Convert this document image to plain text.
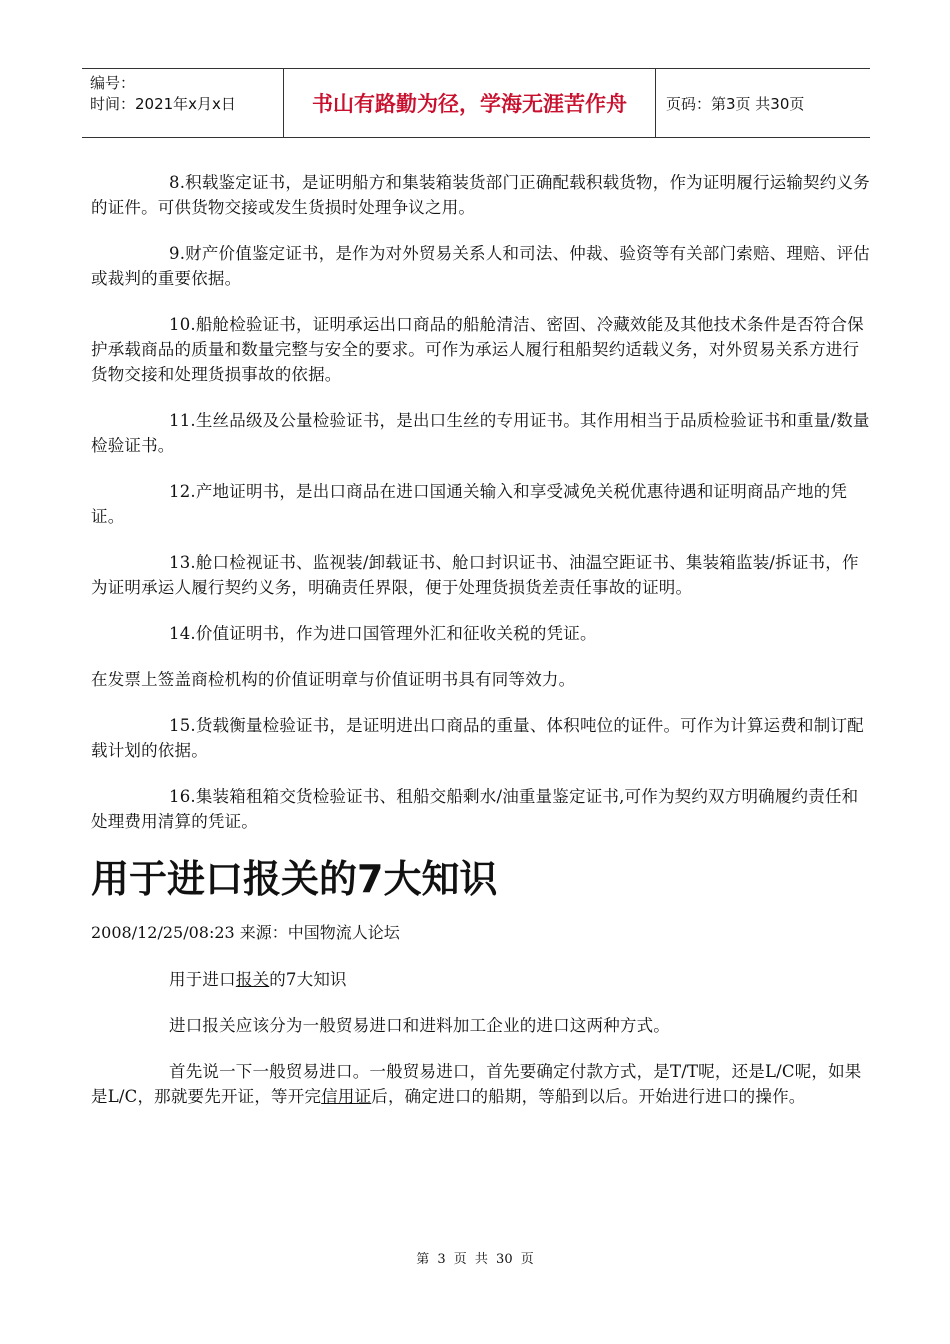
编号：
时间：2021年x月x日	书山有路勤为径，学海无涯苦作舟	页码：第3页 共30页

8.积载鉴定证书，是证明船方和集装箱装货部门正确配载积载货物，作为证明履行运输契约义务的证件。可供货物交接或发生货损时处理争议之用。

9.财产价值鉴定证书，是作为对外贸易关系人和司法、仲裁、验资等有关部门索赔、理赔、评估或裁判的重要依据。

10.船舱检验证书，证明承运出口商品的船舱清洁、密固、冷藏效能及其他技术条件是否符合保护承载商品的质量和数量完整与安全的要求。可作为承运人履行租船契约适载义务，对外贸易关系方进行货物交接和处理货损事故的依据。

11.生丝品级及公量检验证书，是出口生丝的专用证书。其作用相当于品质检验证书和重量/数量检验证书。

12.产地证明书，是出口商品在进口国通关输入和享受减免关税优惠待遇和证明商品产地的凭证。

13.舱口检视证书、监视装/卸载证书、舱口封识证书、油温空距证书、集装箱监装/拆证书，作为证明承运人履行契约义务，明确责任界限，便于处理货损货差责任事故的证明。

14.价值证明书，作为进口国管理外汇和征收关税的凭证。

在发票上签盖商检机构的价值证明章与价值证明书具有同等效力。

15.货载衡量检验证书，是证明进出口商品的重量、体积吨位的证件。可作为计算运费和制订配载计划的依据。

16.集装箱租箱交货检验证书、租船交船剩水/油重量鉴定证书,可作为契约双方明确履约责任和处理费用清算的凭证。

用于进口报关的7大知识

2008/12/25/08:23 来源：中国物流人论坛

用于进口报关的7大知识

进口报关应该分为一般贸易进口和进料加工企业的进口这两种方式。

首先说一下一般贸易进口。一般贸易进口，首先要确定付款方式，是T/T呢，还是L/C呢，如果是L/C，那就要先开证，等开完信用证后，确定进口的船期，等船到以后。开始进行进口的操作。

第 3 页 共 30 页
